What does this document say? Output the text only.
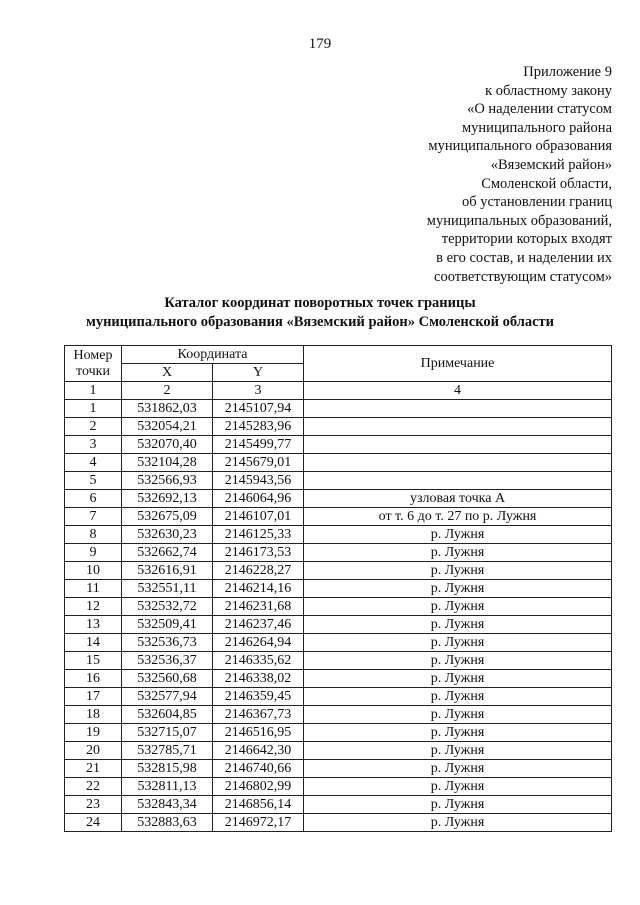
179
Приложение 9
к областному закону
«О наделении статусом
муниципального района
муниципального образования
«Вяземский район»
Смоленской области,
об установлении границ
муниципальных образований,
территории которых входят
в его состав, и наделении их
соответствующим статусом»
Каталог координат поворотных точек границы
муниципального образования «Вяземский район» Смоленской области
Номер точки	Координата		Примечание
	X	Y	
1	2	3	4
1	531862,03	2145107,94	
2	532054,21	2145283,96	
3	532070,40	2145499,77	
4	532104,28	2145679,01	
5	532566,93	2145943,56	
6	532692,13	2146064,96	узловая точка А
7	532675,09	2146107,01	от т. 6 до т. 27 по р. Лужня
8	532630,23	2146125,33	р. Лужня
9	532662,74	2146173,53	р. Лужня
10	532616,91	2146228,27	р. Лужня
11	532551,11	2146214,16	р. Лужня
12	532532,72	2146231,68	р. Лужня
13	532509,41	2146237,46	р. Лужня
14	532536,73	2146264,94	р. Лужня
15	532536,37	2146335,62	р. Лужня
16	532560,68	2146338,02	р. Лужня
17	532577,94	2146359,45	р. Лужня
18	532604,85	2146367,73	р. Лужня
19	532715,07	2146516,95	р. Лужня
20	532785,71	2146642,30	р. Лужня
21	532815,98	2146740,66	р. Лужня
22	532811,13	2146802,99	р. Лужня
23	532843,34	2146856,14	р. Лужня
24	532883,63	2146972,17	р. Лужня
